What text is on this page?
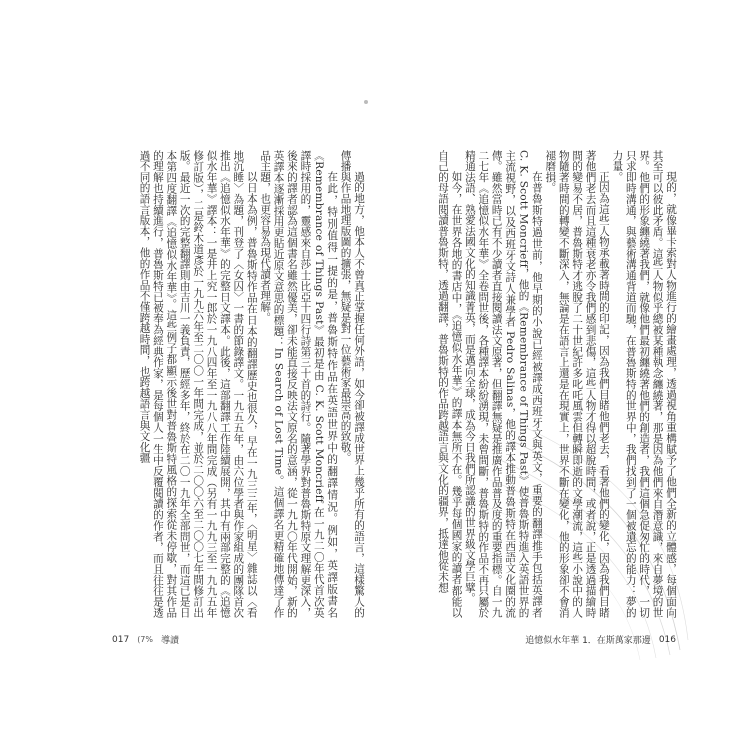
過的地方，他本人不曾真正掌握任何外語，如今卻被譯成世界上幾乎所有的語言，這樣驚人的傳播與作品地理版圖的擴張，無疑是對一位藝術家最崇高的致敬。

在此，特別值得一提的是，普魯斯特作品在英語世界中的翻譯情況。例如，英譯版書名《Remembrance of Things Past》最初是由 C. K. Scott Moncrieff 在一九二〇年代首次英譯時採用的，靈感來自莎士比亞十四行詩第三十首的詩行。隨著學界對普魯斯特原文理解更深入，後來的譯者認為這個書名雖然優美，卻未能直接反映法文原名的意涵，從一九九〇年代開始，新的英譯本逐漸採用更貼近原文意思的標題：In Search of Lost Time。這個譯名更精確地傳達了作品主題，也更容易為現代讀者理解。

以日本為例，普魯斯特作品在日本的翻譯歷史也很久，早在一九三三年，〈明星〉雜誌以〈看地沉睡〉為題，刊登了〈女囚〉一書的節錄譯文。一九五五年，由六位學者與作家組成的團隊首次推出《追憶似水年華》的完整日文譯本。此後，這部翻譯工作陸續展開，其中有兩部完整的《追憶似水年華》譯本：一是井上究一郎於一九八四年至一九八八年間完成（另有一九九三至一九九五年修訂版），二是鈴木道彥於一九九六年至二〇〇一年間完成，並於二〇〇六至二〇〇七年間修訂出版。最近一次的完整翻譯則由吉川一義負責，歷經多年，終於在二〇一九年全部問世，而這已是日本第四度翻譯《追憶似水年華》。這些例子都顯示後世對普魯斯特風格的探索從未停歇，對其作品的理解也持續進行，普魯斯特已被奉為經典作家，是每個人一生中反覆閱讀的作者，而且往往是透過不同的語言版本，他的作品不僅跨越時間，也跨越語言與文化疆	現的，就像畢卡索對人物進行的繪畫處理，透過視角重構賦予了他們全新的立體感，每個面向其至可以彼此矛盾。這些人物似乎總被某種執念纏繞著，那是因為他們來自潛意識，來自夢境的世界。他們的形象纏繞著我們，就像他們最初纏繞著他們的創造者，我們這個急促匆忙的時代，一切只求即時溝通，與藝術溝通背道而馳，在普魯斯特的世界中，我們找到了一個被遺忘的能力：夢的力量。

正因為這些人物承載著時間的印記，因為我們目睹他們老去，看著他們的變化，因為我們目睹著他們老去而且這種衰老亦令我們感到悲傷，這些人物才得以超脫時間，或者說，正是透過描繪時間的變易不居，普魯斯特才逃脫了二十世紀許多叱吒風雲但轉瞬即逝的文學潮流，這些小說中的人物隨著時間的轉變不斷深入，無論是在語言上還是在現實上，世界不斷在變化，他的形象卻不會消褪磨損。

在普魯斯特過世前，他早期的小說已經被譯成西班牙文與英文，重要的翻譯推手包括英譯者 C. K. Scott Moncrieff，他的《Remembrance of Things Past》使普魯斯特進入英語世界的主流視野，以及西班牙文詩人兼學者 Pedro Salinas，他的譯本推動普魯斯特在西語文化圈的流傳。雖然當時已有不少讀者直接閱讀法文原著，但翻譯無疑是推廣作品普及度的重要指標。自一九二七年《追憶似水年華》全卷問世後，各種譯本紛紛湧現，未曾間斷，普魯斯特的作品不再只屬於精通法語、熟愛法國文化的知識菁英，而是邁向全球，成為今日我們所認識的世界級文學巨擘。

如今，在世界各地的書店中，《追憶似水年華》的譯本無所不在。幾乎每個國家的讀者都能以自己的母語閱讀普魯斯特，透過翻譯，普魯斯特的作品跨越語言與文化的疆界，抵達他從未想

017 (7% 導讀	追憶似水年華 1．在斯萬家那邊 016
